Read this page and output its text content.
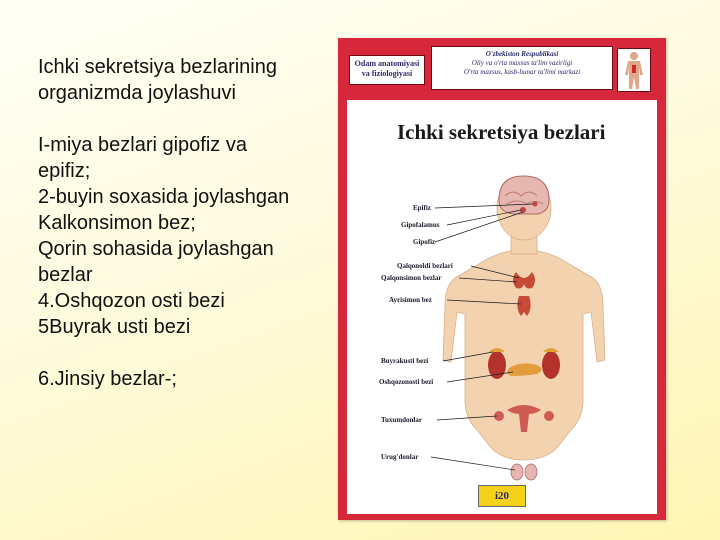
Ichki sekretsiya bezlarining
organizmda joylashuvi
I-miya bezlari gipofiz va
epifiz;
2-buyin soxasida joylashgan
Kalkonsimon bez;
Qorin sohasida joylashgan
bezlar
4.Oshqozon osti bezi
5Buyrak usti bezi
6.Jinsiy bezlar-;
Odam anatomiyasi
va fiziologiyasi
O'zbekiston Respublikasi
Oliy va o'rta maxsus ta'lim vazirligi
O'rta maxsus, kasb-hunar ta'limi markazi
Ichki sekretsiya bezlari
Epifiz
Gipofalamus
Gipofiz
Qalqonoldi bezlari
Qalqonsimon bezlar
Ayrisimon bez
Buyrakusti bezi
Oshqozonosti bezi
Tuxumdonlar
Urug'donlar
i20
